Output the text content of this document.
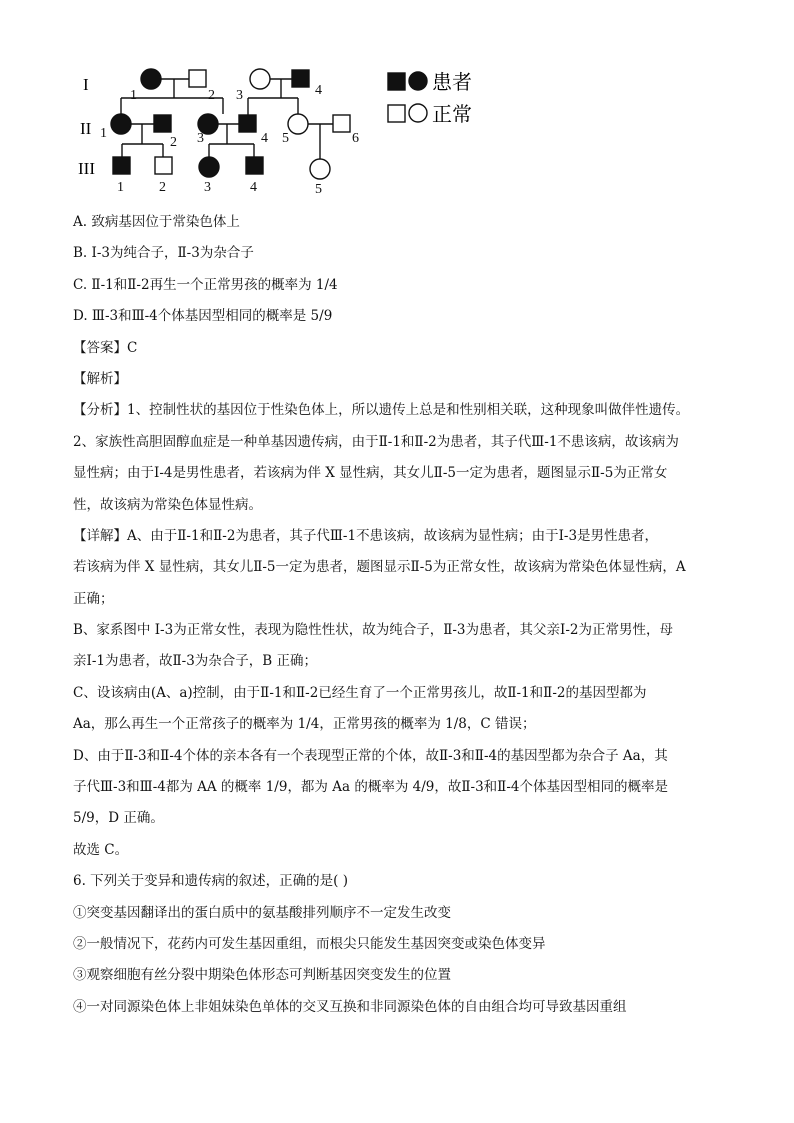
I
II
III
1	2 3	4
1
2 3	4 5	6
1	2	3	4	5
患者
正常
A. 致病基因位于常染色体上
B. I-3为纯合子，Ⅱ-3为杂合子
C. Ⅱ-1和Ⅱ-2再生一个正常男孩的概率为 1/4
D. Ⅲ-3和Ⅲ-4个体基因型相同的概率是 5/9
【答案】C
【解析】
【分析】1、控制性状的基因位于性染色体上，所以遗传上总是和性别相关联，这种现象叫做伴性遗传。
2、家族性高胆固醇血症是一种单基因遗传病，由于Ⅱ-1和Ⅱ-2为患者，其子代Ⅲ-1不患该病，故该病为
显性病；由于Ⅰ-4是男性患者，若该病为伴 X 显性病，其女儿Ⅱ-5一定为患者，题图显示Ⅱ-5为正常女
性，故该病为常染色体显性病。
【详解】A、由于Ⅱ-1和Ⅱ-2为患者，其子代Ⅲ-1不患该病，故该病为显性病；由于Ⅰ-3是男性患者，
若该病为伴 X 显性病，其女儿Ⅱ-5一定为患者，题图显示Ⅱ-5为正常女性，故该病为常染色体显性病，A
正确；
B、家系图中 I-3为正常女性，表现为隐性性状，故为纯合子，Ⅱ-3为患者，其父亲Ⅰ-2为正常男性，母
亲Ⅰ-1为患者，故Ⅱ-3为杂合子，B 正确；
C、设该病由(A、a)控制，由于Ⅱ-1和Ⅱ-2已经生育了一个正常男孩儿，故Ⅱ-1和Ⅱ-2的基因型都为
Aa，那么再生一个正常孩子的概率为 1/4，正常男孩的概率为 1/8，C 错误；
D、由于Ⅱ-3和Ⅱ-4个体的亲本各有一个表现型正常的个体，故Ⅱ-3和Ⅱ-4的基因型都为杂合子 Aa，其
子代Ⅲ-3和Ⅲ-4都为 AA 的概率 1/9，都为 Aa 的概率为 4/9，故Ⅱ-3和Ⅱ-4个体基因型相同的概率是
5/9，D 正确。
故选 C。
6. 下列关于变异和遗传病的叙述，正确的是( )
①突变基因翻译出的蛋白质中的氨基酸排列顺序不一定发生改变
②一般情况下，花药内可发生基因重组，而根尖只能发生基因突变或染色体变异
③观察细胞有丝分裂中期染色体形态可判断基因突变发生的位置
④一对同源染色体上非姐妹染色单体的交叉互换和非同源染色体的自由组合均可导致基因重组
